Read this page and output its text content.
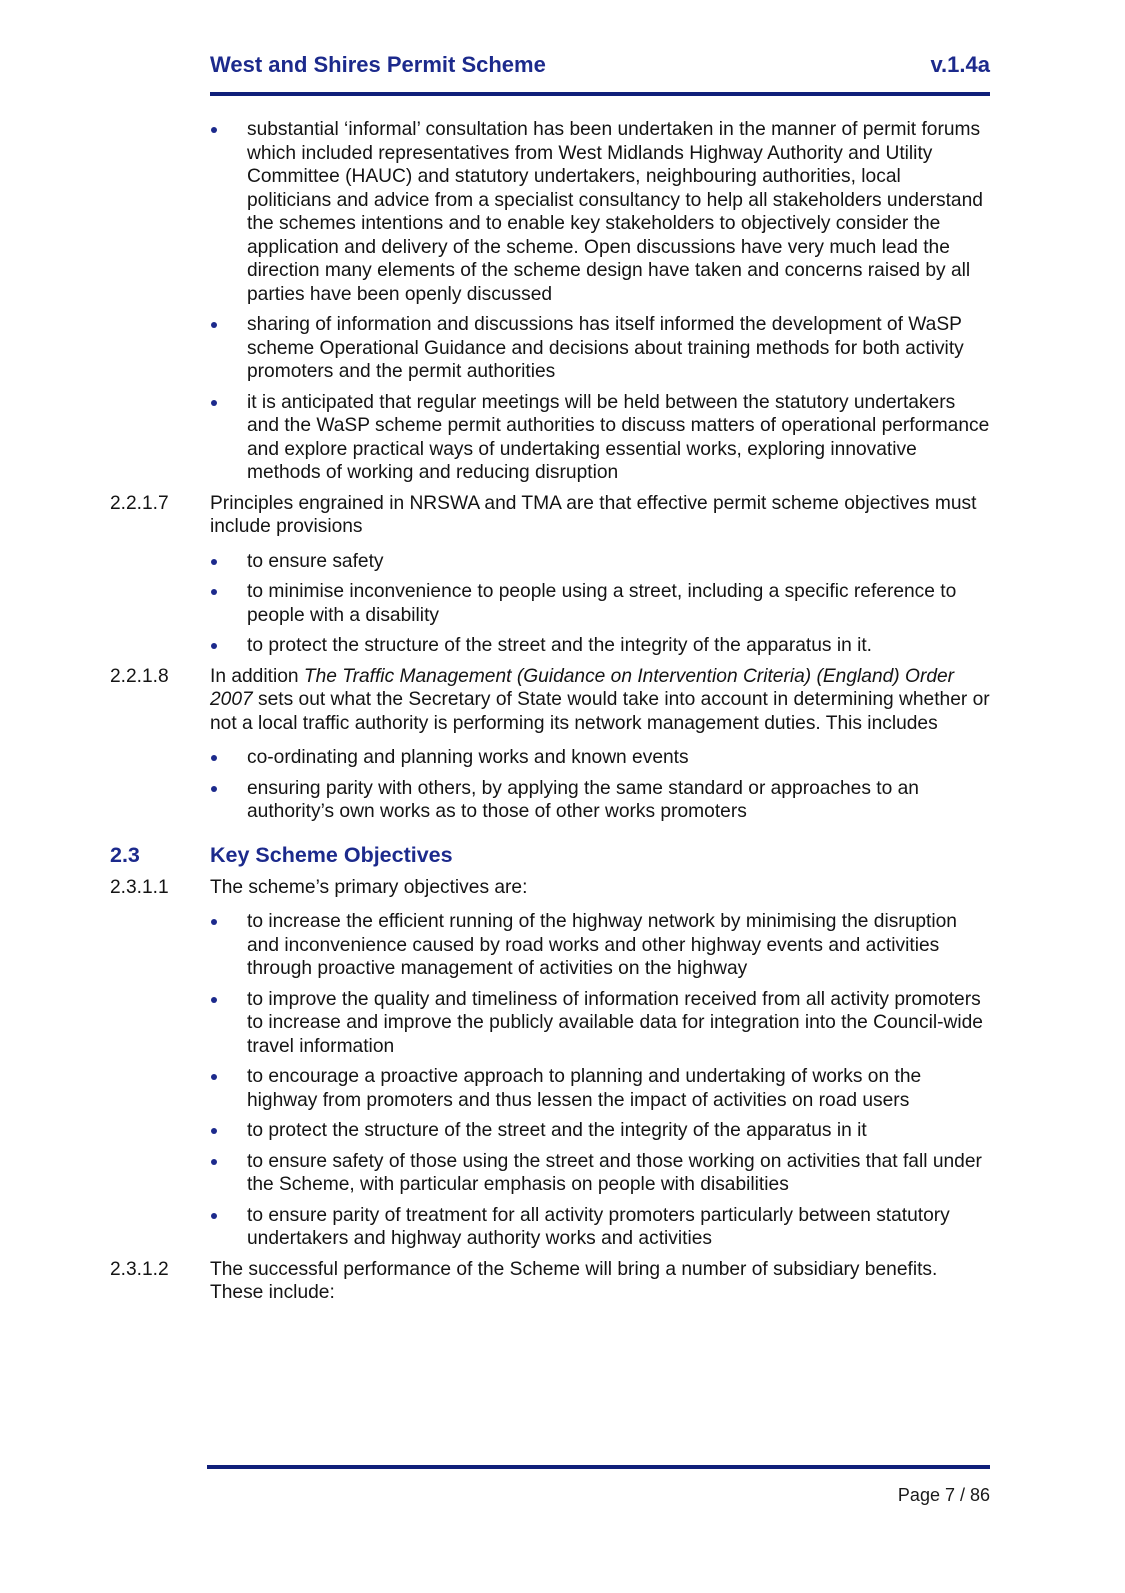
West and Shires Permit Scheme	v.1.4a
substantial ‘informal’ consultation has been undertaken in the manner of permit forums which included representatives from West Midlands Highway Authority and Utility Committee (HAUC) and statutory undertakers, neighbouring authorities, local politicians and advice from a specialist consultancy to help all stakeholders understand the schemes intentions and to enable key stakeholders to objectively consider the application and delivery of the scheme. Open discussions have very much lead the direction many elements of the scheme design have taken and concerns raised by all parties have been openly discussed
sharing of information and discussions has itself informed the development of WaSP scheme Operational Guidance and decisions about training methods for both activity promoters and the permit authorities
it is anticipated that regular meetings will be held between the statutory undertakers and the WaSP scheme permit authorities to discuss matters of operational performance and explore practical ways of undertaking essential works, exploring innovative methods of working and reducing disruption
2.2.1.7 Principles engrained in NRSWA and TMA are that effective permit scheme objectives must include provisions
to ensure safety
to minimise inconvenience to people using a street, including a specific reference to people with a disability
to protect the structure of the street and the integrity of the apparatus in it.
2.2.1.8 In addition The Traffic Management (Guidance on Intervention Criteria) (England) Order 2007 sets out what the Secretary of State would take into account in determining whether or not a local traffic authority is performing its network management duties. This includes
co-ordinating and planning works and known events
ensuring parity with others, by applying the same standard or approaches to an authority’s own works as to those of other works promoters
2.3	Key Scheme Objectives
2.3.1.1 The scheme’s primary objectives are:
to increase the efficient running of the highway network by minimising the disruption and inconvenience caused by road works and other highway events and activities through proactive management of activities on the highway
to improve the quality and timeliness of information received from all activity promoters to increase and improve the publicly available data for integration into the Council-wide travel information
to encourage a proactive approach to planning and undertaking of works on the highway from promoters and thus lessen the impact of activities on road users
to protect the structure of the street and the integrity of the apparatus in it
to ensure safety of those using the street and those working on activities that fall under the Scheme, with particular emphasis on people with disabilities
to ensure parity of treatment for all activity promoters particularly between statutory undertakers and highway authority works and activities
2.3.1.2 The successful performance of the Scheme will bring a number of subsidiary benefits. These include:
Page 7 / 86
